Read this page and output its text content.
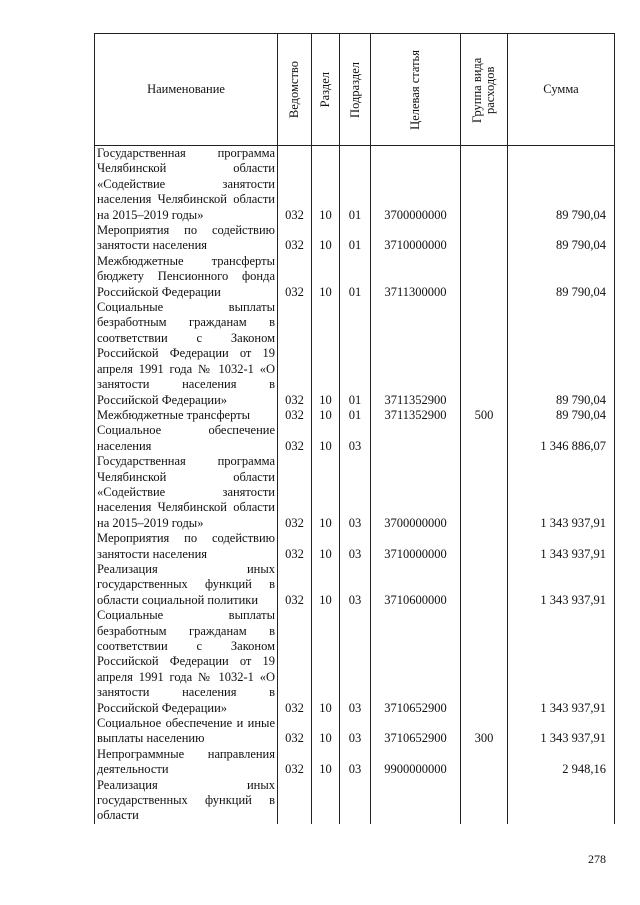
Наименование	Ведомство	Раздел	Подраздел	Целевая статья	Группа вида расходов	Сумма
Государственная программа Челябинской области «Содействие занятости населения Челябинской области на 2015–2019 годы»	032	10	01	3700000000		89 790,04
Мероприятия по содействию занятости населения	032	10	01	3710000000		89 790,04
Межбюджетные трансферты бюджету Пенсионного фонда Российской Федерации	032	10	01	3711300000		89 790,04
Социальные выплаты безработным гражданам в соответствии с Законом Российской Федерации от 19 апреля 1991 года № 1032-1 «О занятости населения в Российской Федерации»	032	10	01	3711352900		89 790,04
Межбюджетные трансферты	032	10	01	3711352900	500	89 790,04
Социальное обеспечение населения	032	10	03			1 346 886,07
Государственная программа Челябинской области «Содействие занятости населения Челябинской области на 2015–2019 годы»	032	10	03	3700000000		1 343 937,91
Мероприятия по содействию занятости населения	032	10	03	3710000000		1 343 937,91
Реализация иных государственных функций в области социальной политики	032	10	03	3710600000		1 343 937,91
Социальные выплаты безработным гражданам в соответствии с Законом Российской Федерации от 19 апреля 1991 года № 1032-1 «О занятости населения в Российской Федерации»	032	10	03	3710652900		1 343 937,91
Социальное обеспечение и иные выплаты населению	032	10	03	3710652900	300	1 343 937,91
Непрограммные направления деятельности	032	10	03	9900000000		2 948,16
Реализация иных государственных функций в области						
278
